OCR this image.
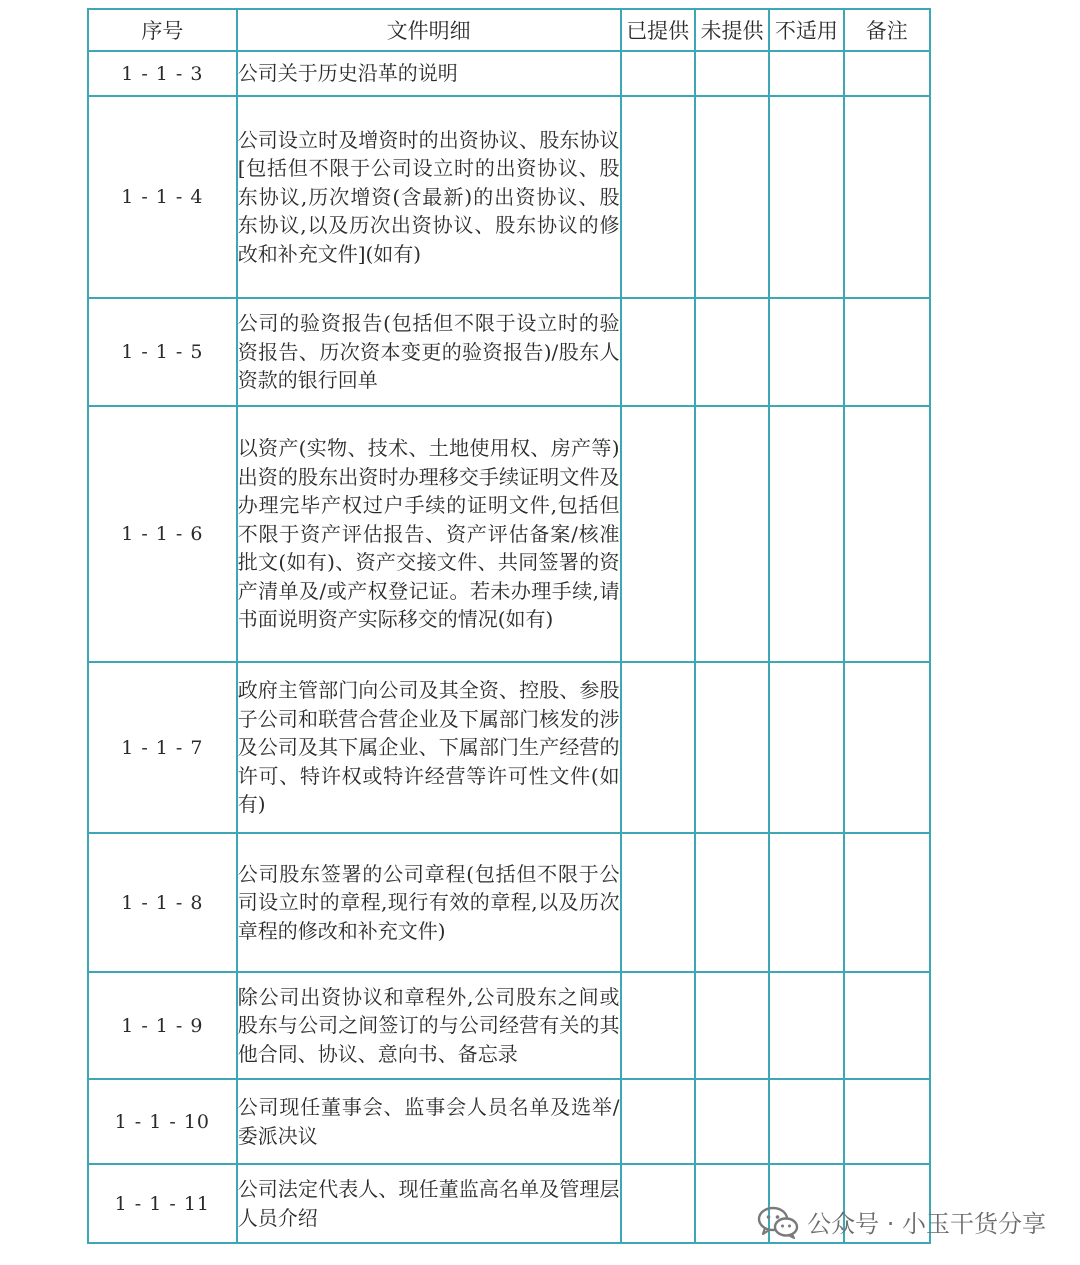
序号	文件明细	已提供	未提供	不适用	备注
1 - 1 - 3	公司关于历史沿革的说明				
1 - 1 - 4	公司设立时及增资时的出资协议、股东协议[包括但不限于公司设立时的出资协议、股东协议,历次增资(含最新)的出资协议、股东协议,以及历次出资协议、股东协议的修改和补充文件](如有)				
1 - 1 - 5	公司的验资报告(包括但不限于设立时的验资报告、历次资本变更的验资报告)/股东人资款的银行回单				
1 - 1 - 6	以资产(实物、技术、土地使用权、房产等)出资的股东出资时办理移交手续证明文件及办理完毕产权过户手续的证明文件,包括但不限于资产评估报告、资产评估备案/核准批文(如有)、资产交接文件、共同签署的资产清单及/或产权登记证。若未办理手续,请书面说明资产实际移交的情况(如有)				
1 - 1 - 7	政府主管部门向公司及其全资、控股、参股子公司和联营合营企业及下属部门核发的涉及公司及其下属企业、下属部门生产经营的许可、特许权或特许经营等许可性文件(如有)				
1 - 1 - 8	公司股东签署的公司章程(包括但不限于公司设立时的章程,现行有效的章程,以及历次章程的修改和补充文件)				
1 - 1 - 9	除公司出资协议和章程外,公司股东之间或股东与公司之间签订的与公司经营有关的其他合同、协议、意向书、备忘录				
1 - 1 - 10	公司现任董事会、监事会人员名单及选举/委派决议				
1 - 1 - 11	公司法定代表人、现任董监高名单及管理层人员介绍					公众号 · 小玉干货分享
